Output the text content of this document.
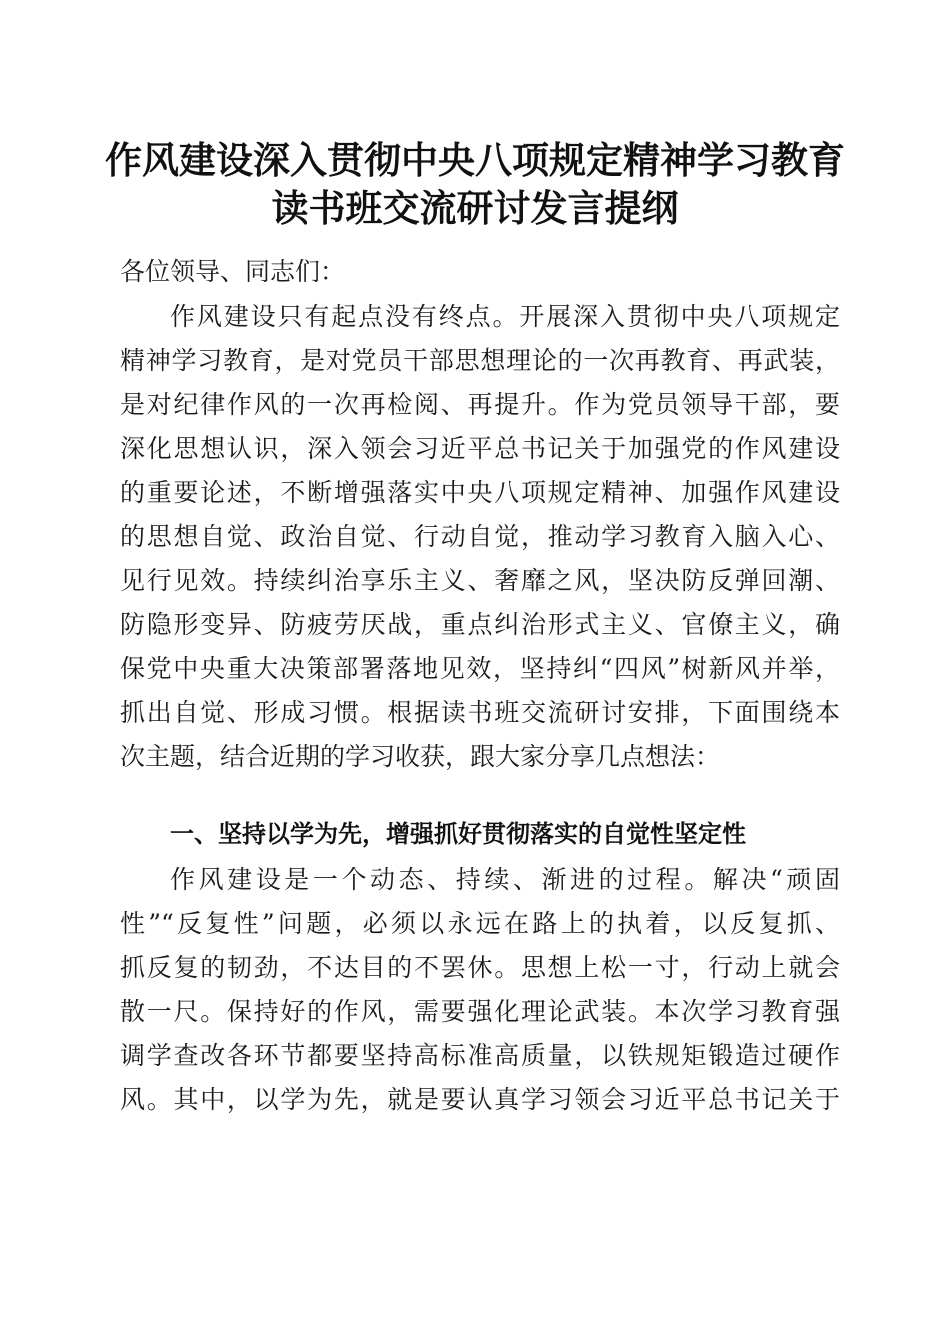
作风建设深入贯彻中央八项规定精神学习教育
读书班交流研讨发言提纲
各位领导、同志们：
作风建设只有起点没有终点。开展深入贯彻中央八项规定
精神学习教育，是对党员干部思想理论的一次再教育、再武装，
是对纪律作风的一次再检阅、再提升。作为党员领导干部，要
深化思想认识，深入领会习近平总书记关于加强党的作风建设
的重要论述，不断增强落实中央八项规定精神、加强作风建设
的思想自觉、政治自觉、行动自觉，推动学习教育入脑入心、
见行见效。持续纠治享乐主义、奢靡之风，坚决防反弹回潮、
防隐形变异、防疲劳厌战，重点纠治形式主义、官僚主义，确
保党中央重大决策部署落地见效，坚持纠“四风”树新风并举，
抓出自觉、形成习惯。根据读书班交流研讨安排，下面围绕本
次主题，结合近期的学习收获，跟大家分享几点想法：
一、坚持以学为先，增强抓好贯彻落实的自觉性坚定性
作风建设是一个动态、持续、渐进的过程。解决“顽固
性”“反复性”问题，必须以永远在路上的执着，以反复抓、
抓反复的韧劲，不达目的不罢休。思想上松一寸，行动上就会
散一尺。保持好的作风，需要强化理论武装。本次学习教育强
调学查改各环节都要坚持高标准高质量，以铁规矩锻造过硬作
风。其中，以学为先，就是要认真学习领会习近平总书记关于
